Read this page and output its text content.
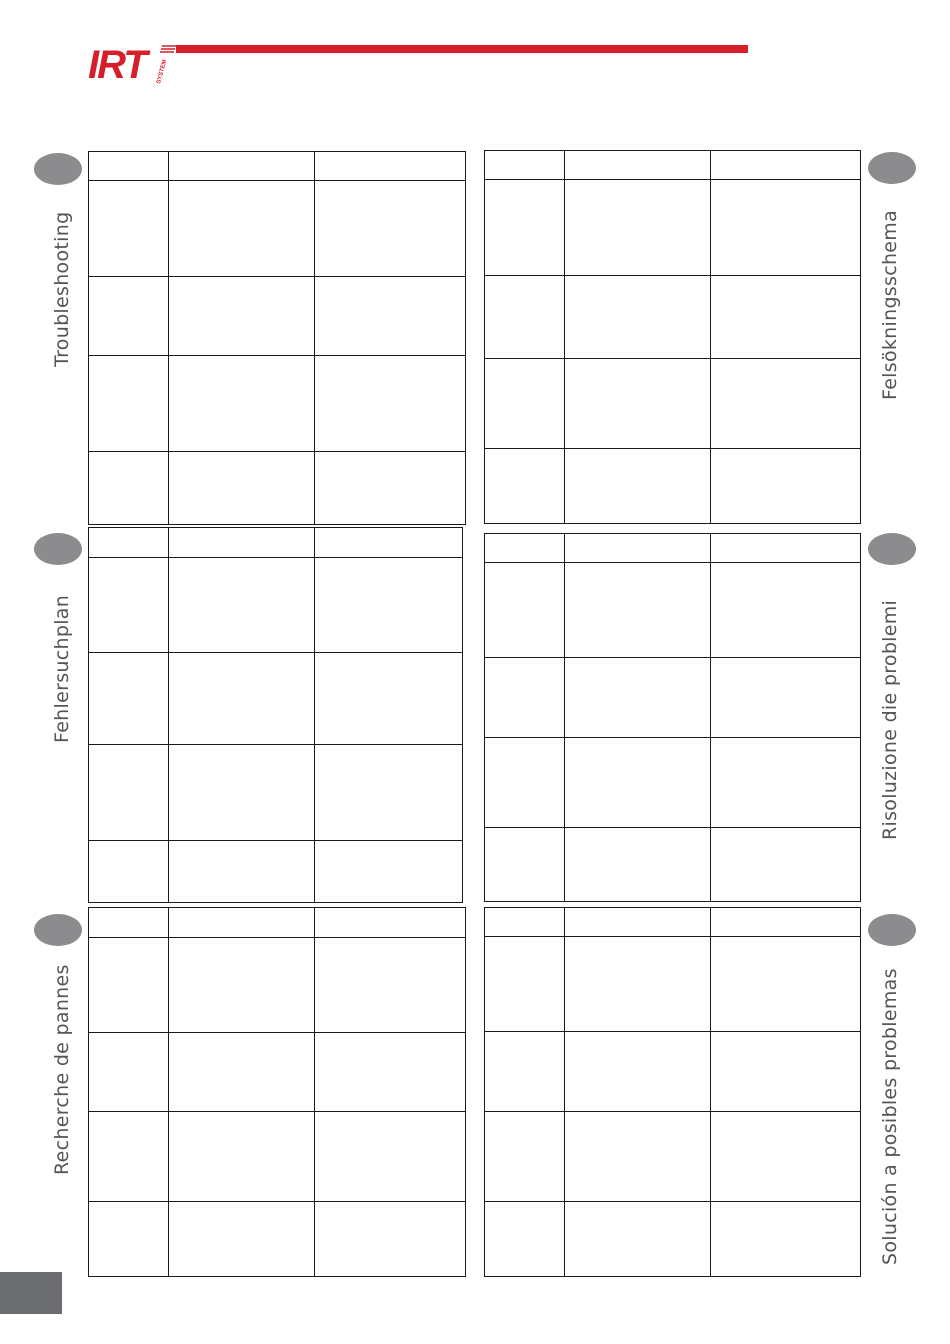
IRT	SYSTEM
Troubleshooting
Fehlersuchplan
Recherche de pannes
Felsökningsschema
Risoluzione die problemi
Solución a posibles problemas
